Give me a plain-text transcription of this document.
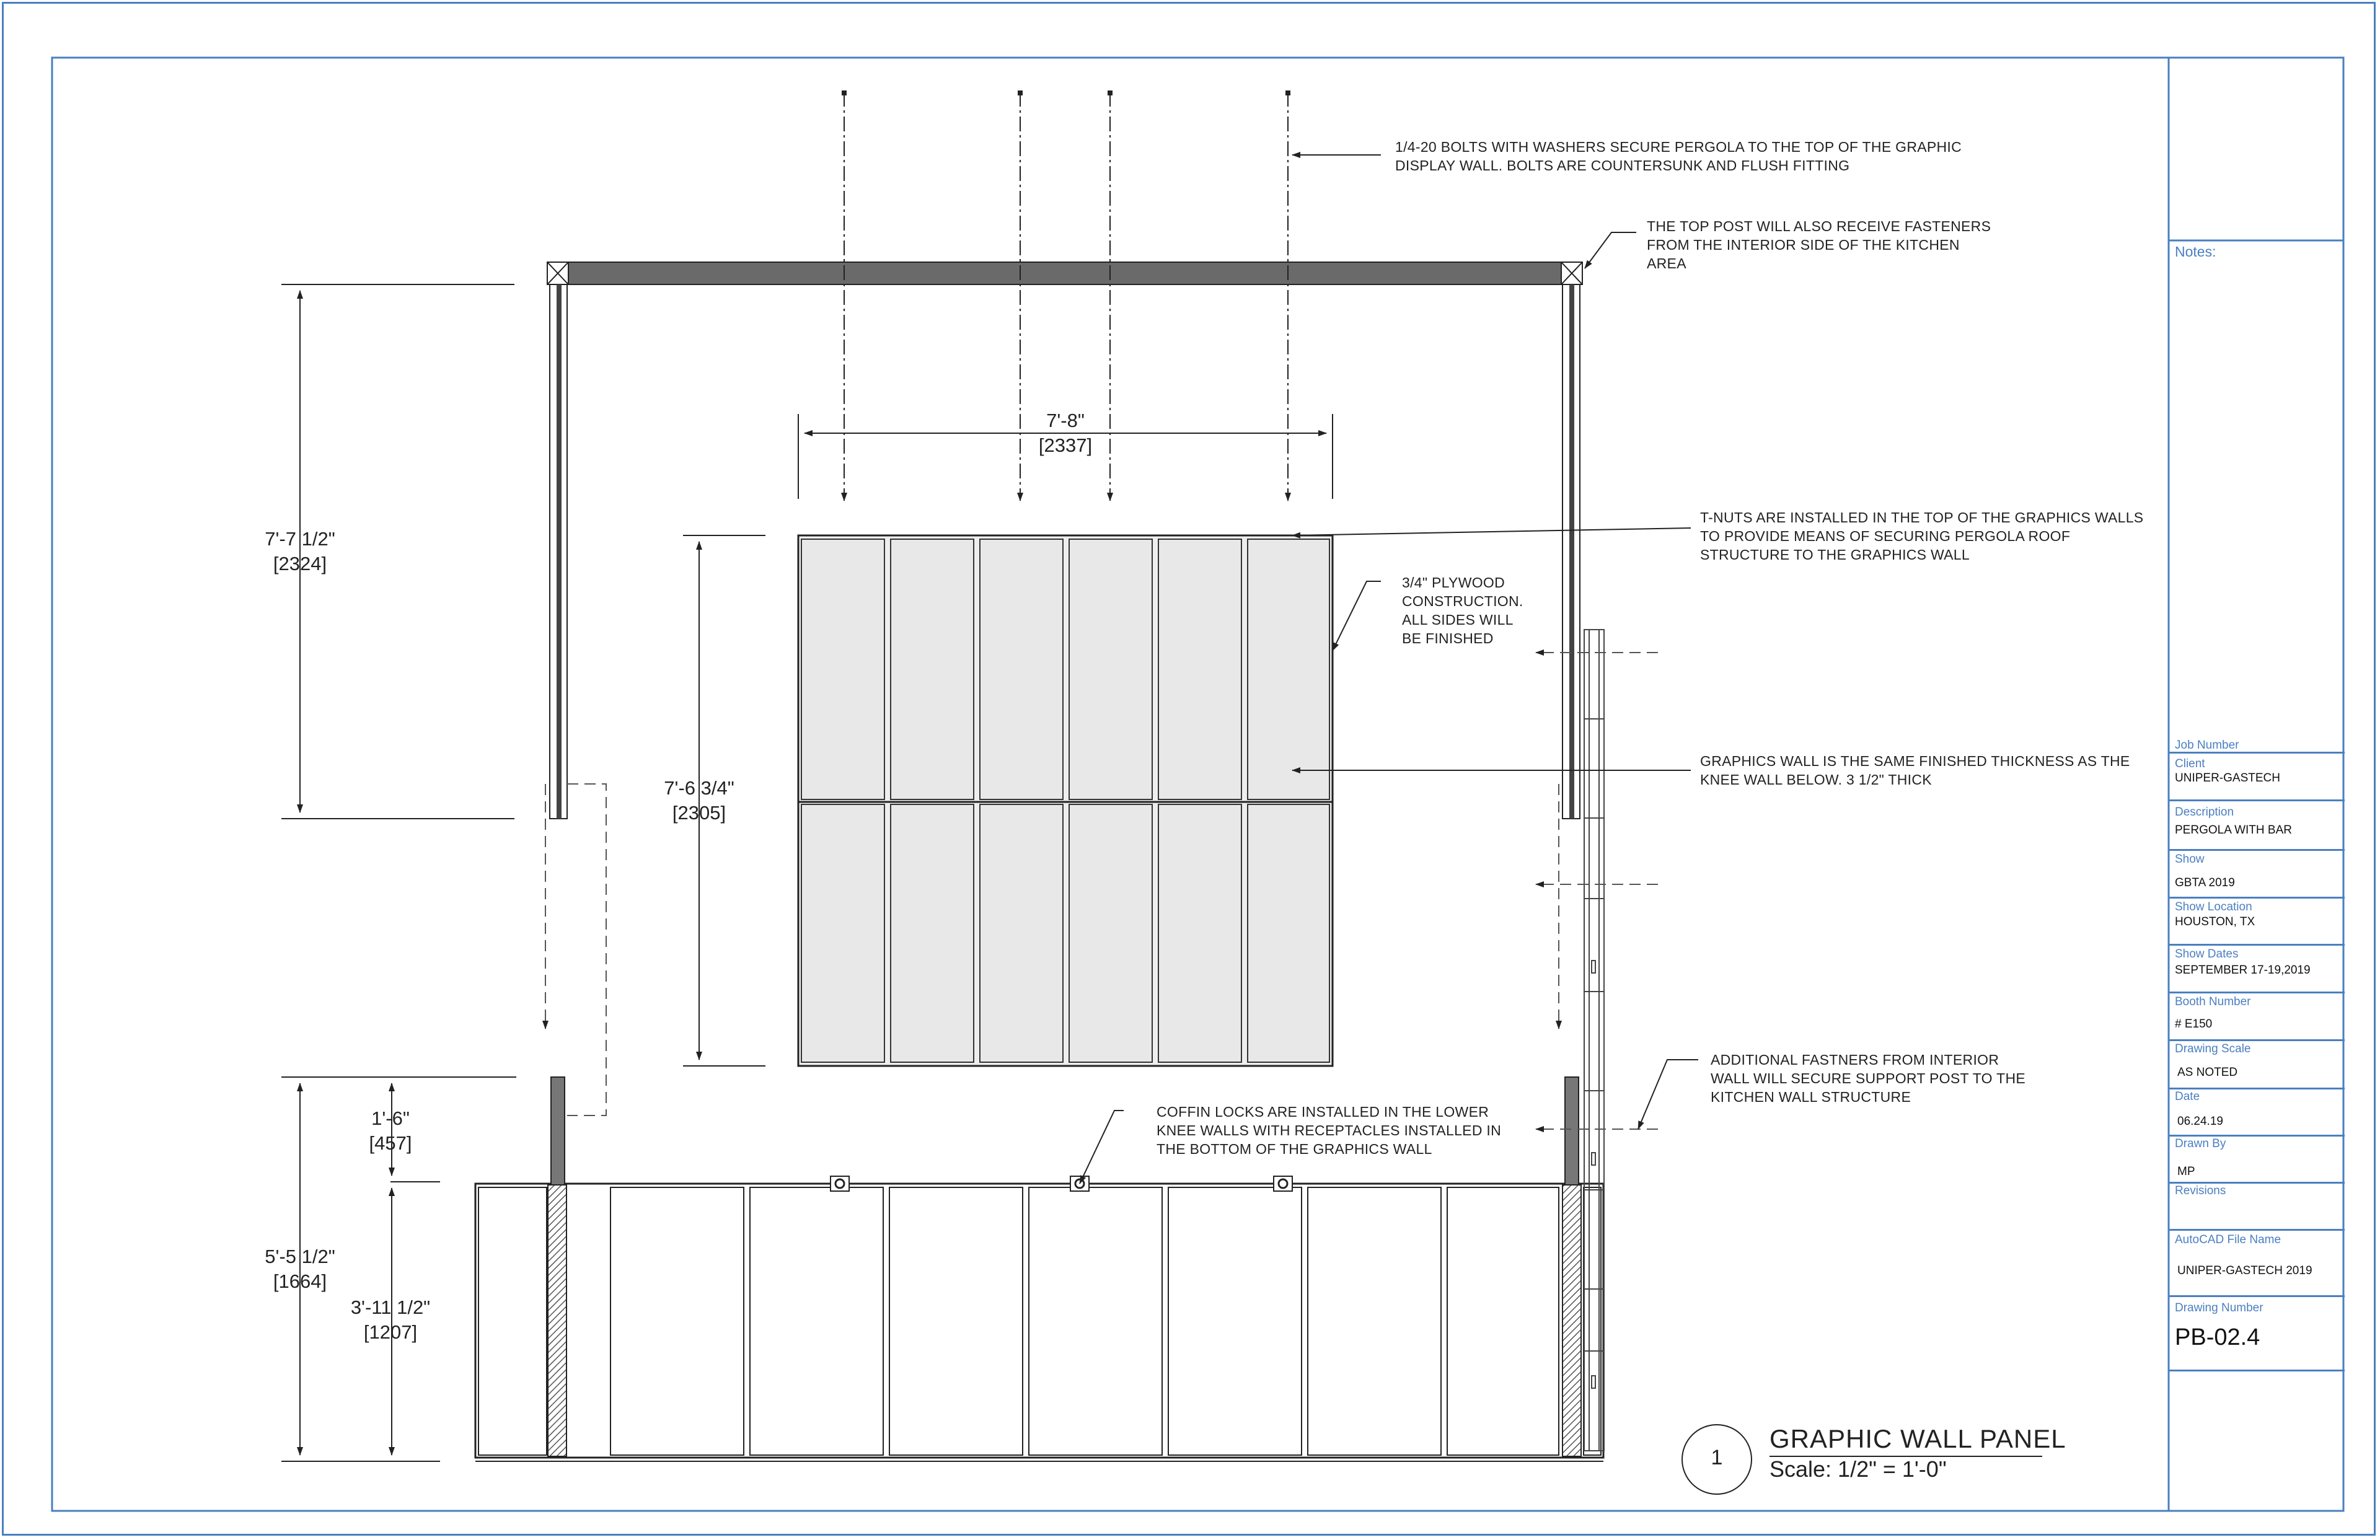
1/4-20 BOLTS WITH WASHERS SECURE PERGOLA TO THE TOP OF THE GRAPHIC
DISPLAY WALL. BOLTS ARE COUNTERSUNK AND FLUSH FITTING
THE TOP POST WILL ALSO RECEIVE FASTENERS
FROM THE INTERIOR SIDE OF THE KITCHEN
AREA
T-NUTS ARE INSTALLED IN THE TOP OF THE GRAPHICS WALLS
TO PROVIDE MEANS OF SECURING PERGOLA ROOF
STRUCTURE TO THE GRAPHICS WALL
3/4" PLYWOOD
CONSTRUCTION.
ALL SIDES WILL
BE FINISHED
GRAPHICS WALL IS THE SAME FINISHED THICKNESS AS THE
KNEE WALL BELOW. 3 1/2" THICK
ADDITIONAL FASTNERS FROM INTERIOR
WALL WILL SECURE SUPPORT POST TO THE
KITCHEN WALL STRUCTURE
COFFIN LOCKS ARE INSTALLED IN THE LOWER
KNEE WALLS WITH RECEPTACLES INSTALLED IN
THE BOTTOM OF THE GRAPHICS WALL
7'-8"
[2337]
7'-7 1/2"
[2324]
7'-6 3/4"
[2305]
1'-6"
[457]
5'-5 1/2"
[1664]
3'-11 1/2"
[1207]
1
GRAPHIC WALL PANEL
Scale: 1/2" = 1'-0"
Notes:
Job Number
Client
UNIPER-GASTECH
Description
PERGOLA WITH BAR
Show
GBTA 2019
Show Location
HOUSTON, TX
Show Dates
SEPTEMBER 17-19,2019
Booth Number
# E150
Drawing Scale
AS NOTED
Date
06.24.19
Drawn By
MP
Revisions
AutoCAD File Name
UNIPER-GASTECH 2019
Drawing Number
PB-02.4
